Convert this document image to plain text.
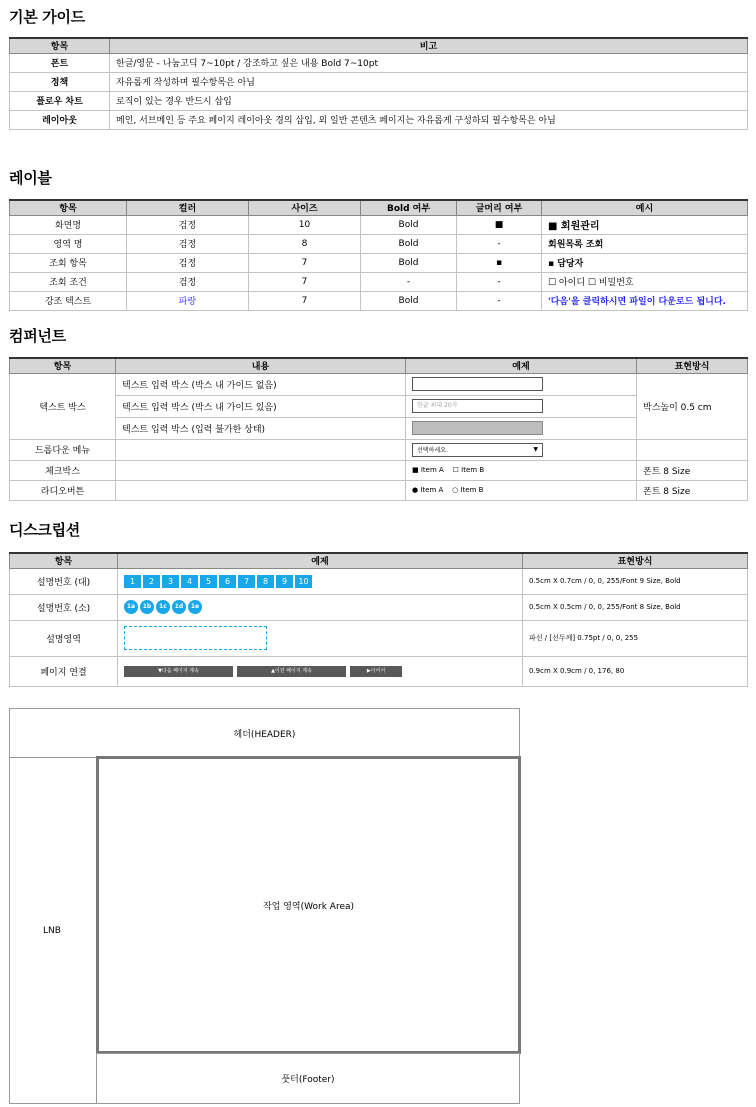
기본 가이드
항목	비고
폰트	한글/영문 - 나눔고딕 7~10pt / 강조하고 싶은 내용 Bold 7~10pt
정책	자유롭게 작성하며 필수항목은 아님
플로우 차트	로직이 있는 경우 반드시 삽입
레이아웃	메인, 서브메인 등 주요 페이지 레이아웃 경의 삽입, 외 일반 콘텐츠 페이지는 자유롭게 구성하되 필수항목은 아님
레이블
항목	컬러	사이즈	Bold 여부	글머리 여부	예시
화면명	검정	10	Bold	■	■ 회원관리
영역 명	검정	8	Bold	-	회원목록 조회
조회 항목	검정	7	Bold	▪	▪ 담당자
조회 조건	검정	7	-	-	☐ 아이디 ☐ 비밀번호
강조 텍스트	파랑	7	Bold	-	'다음'을 클릭하시면 파일이 다운로드 됩니다.
컴퍼넌트
항목	내용	예제	표현방식
텍스트 박스	텍스트 입력 박스 (박스 내 가이드 없음)		박스높이 0.5 cm
	텍스트 입력 박스 (박스 내 가이드 있음)	한글 최대 20자	

	텍스트 입력 박스 (입력 불가한 상태)		

드롭다운 메뉴		선택하세요. ▼	

체크박스		■ Item A ☐ Item B	폰트 8 Size
라디오버튼		● Item A ○ Item B	폰트 8 Size
디스크립션
항목	예제	표현방식
설명번호 (대)	1 2 3 4 5 6 7 8 9 10	0.5cm X 0.7cm / 0, 0, 255/Font 9 Size, Bold
설명번호 (소)	1a 1b 1c 1d 1e	0.5cm X 0.5cm / 0, 0, 255/Font 8 Size, Bold
설명영역		파선 / [선두께] 0.75pt / 0, 0, 255
페이지 연결	▼다음 페이지 계속 ▲이전 페이지 계속 ▶이어서	0.9cm X 0.9cm / 0, 176, 80
헤더(HEADER)
LNB
작업 영역(Work Area)
풋터(Footer)
